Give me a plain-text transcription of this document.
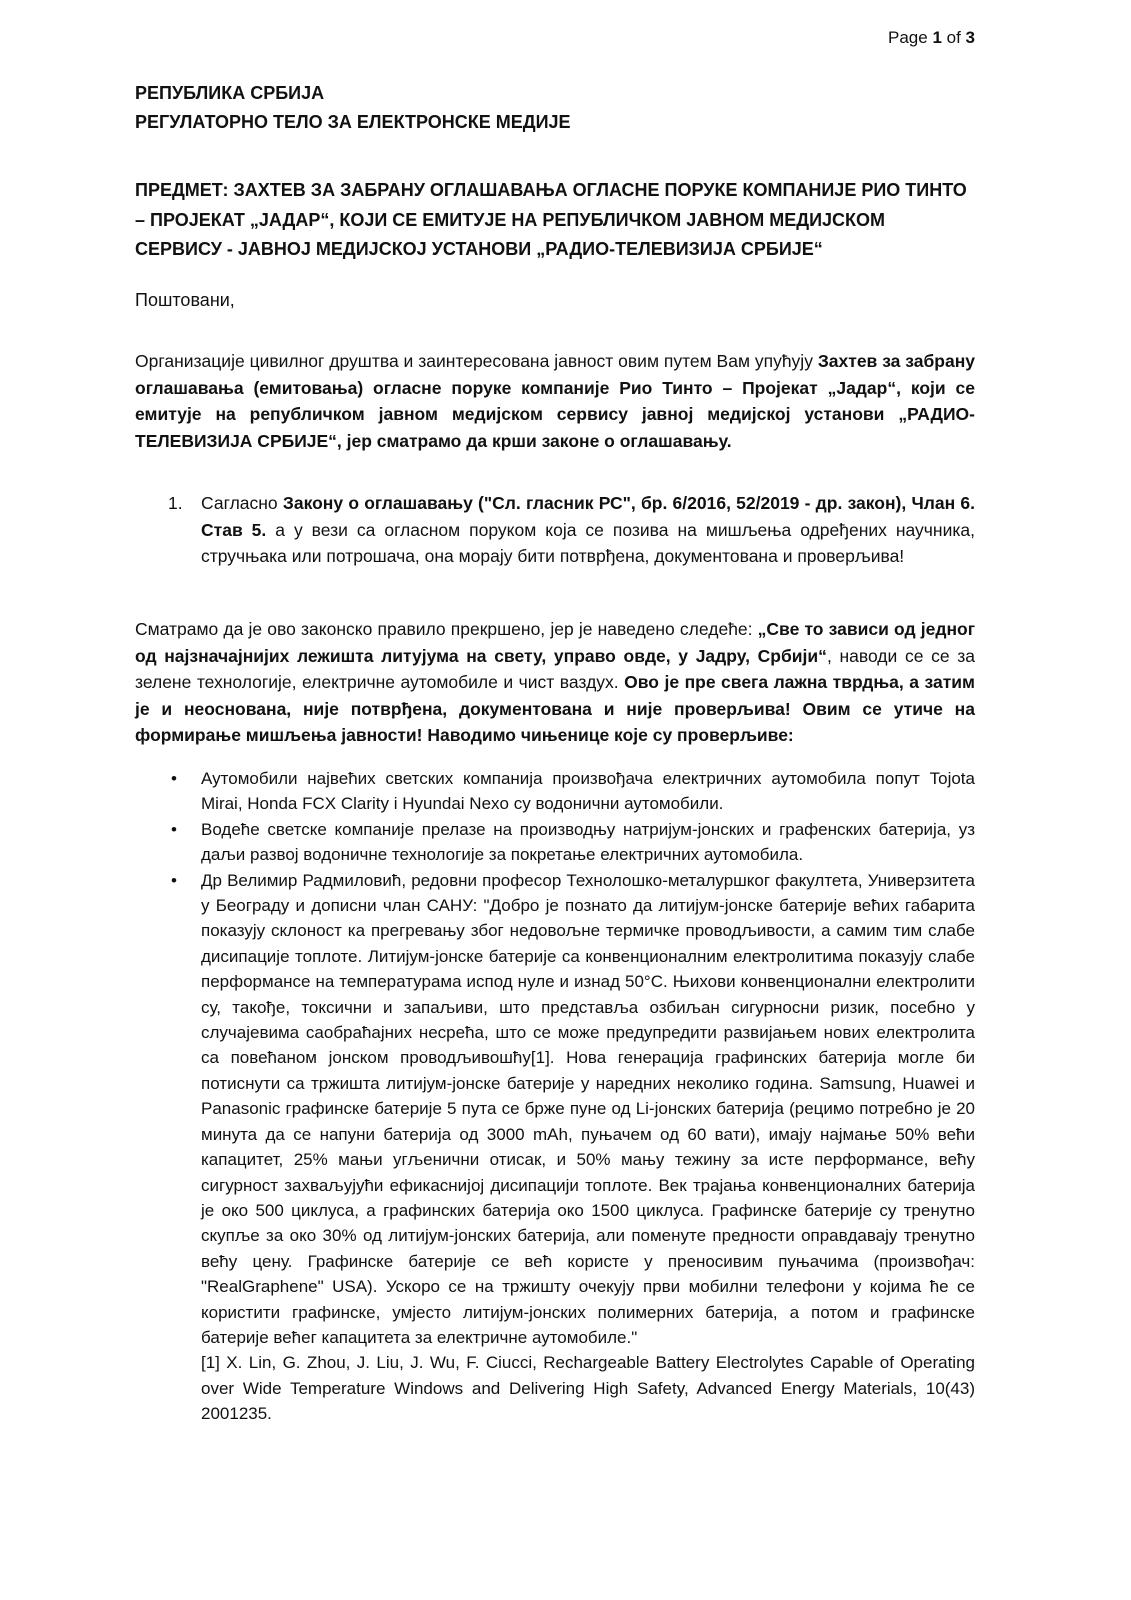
Page 1 of 3
РЕПУБЛИКА СРБИЈА
РЕГУЛАТОРНО ТЕЛО ЗА ЕЛЕКТРОНСКЕ МЕДИЈЕ
ПРЕДМЕТ: ЗАХТЕВ ЗА ЗАБРАНУ ОГЛАШАВАЊА ОГЛАСНЕ ПОРУКЕ КОМПАНИЈЕ РИО ТИНТО – ПРОЈЕКАТ „ЈАДАР“, КОЈИ СЕ ЕМИТУЈЕ НА РЕПУБЛИЧКОМ ЈАВНОМ МЕДИЈСКОМ СЕРВИСУ - ЈАВНОЈ МЕДИЈСКОЈ УСТАНОВИ „РАДИО-ТЕЛЕВИЗИЈА СРБИЈЕ“
Поштовани,
Организације цивилног друштва и заинтересована јавност овим путем Вам упућују Захтев за забрану оглашавања (емитовања) огласне поруке компаније Рио Тинто – Пројекат „Јадар“, који се емитује на републичком јавном медијском сервису јавној медијској установи „РАДИО-ТЕЛЕВИЗИЈА СРБИЈЕ“, јер сматрамо да крши законе о оглашавању.
1. Сагласно Закону о оглашавању ("Сл. гласник РС", бр. 6/2016, 52/2019 - др. закон), Члан 6. Став 5. а у вези са огласном поруком која се позива на мишљења одређених научника, стручњака или потрошача, она морају бити потврђена, документована и проверљива!
Сматрамо да је ово законско правило прекршено, јер је наведено следеће: „Све то зависи од једног од најзначајнијих лежишта литујума на свету, управо овде, у Јадру, Србији“, наводи се се за зелене технологије, електричне аутомобиле и чист ваздух. Ово је пре свега лажна тврдња, а затим је и неоснована, није потврђена, документована и није проверљива! Овим се утиче на формирање мишљења јавности! Наводимо чињенице које су проверљиве:
• Аутомобили највећих светских компанија произвођача електричних аутомобила попут Tojota Mirai, Honda FCX Clarity i Hyundai Nexo су водонични аутомобили.
• Водеће светске компаније прелазе на производњу натријум-јонских и графенских батерија, уз даљи развој водоничне технологије за покретање електричних аутомобила.
• Др Велимир Радмиловић, редовни професор Технолошко-металуршког факултета, Универзитета у Београду и дописни члан САНУ: "Добро је познато да литијум-јонске батерије већих габарита показују склоност ка прегревању због недовољне термичке проводљивости, а самим тим слабе дисипације топлоте. Литијум-јонске батерије са конвенционалним електролитима показују слабе перформансе на температурама испод нуле и изнад 50°C. Њихови конвенционални електролити су, такође, токсични и запаљиви, што представља озбиљан сигурносни ризик, посебно у случајевима саобраћајних несрећа, што се може предупредити развијањем нових електролита са повећаном јонском проводљивошћу[1]. Нова генерација графинских батерија могле би потиснути са тржишта литијум-јонске батерије у наредних неколико година. Samsung, Huawei и Panasonic графинске батерије 5 пута се брже пуне од Li-јонских батерија (рецимо потребно је 20 минута да се напуни батерија од 3000 mAh, пуњачем од 60 вати), имају најмање 50% већи капацитет, 25% мањи угљенични отисак, и 50% мању тежину за исте перформансе, већу сигурност захваљујући ефикаснијој дисипацији топлоте. Век трајања конвенционалних батерија је око 500 циклуса, а графинских батерија око 1500 циклуса. Графинске батерије су тренутно скупље за око 30% од литијум-јонских батерија, али поменуте предности оправдавају тренутно већу цену. Графинске батерије се већ користе у преносивим пуњачима (произвођач: "RealGraphene" USA). Ускоро се на тржишту очекују први мобилни телефони у којима ће се користити графинске, умјесто литијум-јонских полимерних батерија, а потом и графинске батерије већег капацитета за електричне аутомобиле."
[1] X. Lin, G. Zhou, J. Liu, J. Wu, F. Ciucci, Rechargeable Battery Electrolytes Capable of Operating over Wide Temperature Windows and Delivering High Safety, Advanced Energy Materials, 10(43) 2001235.
